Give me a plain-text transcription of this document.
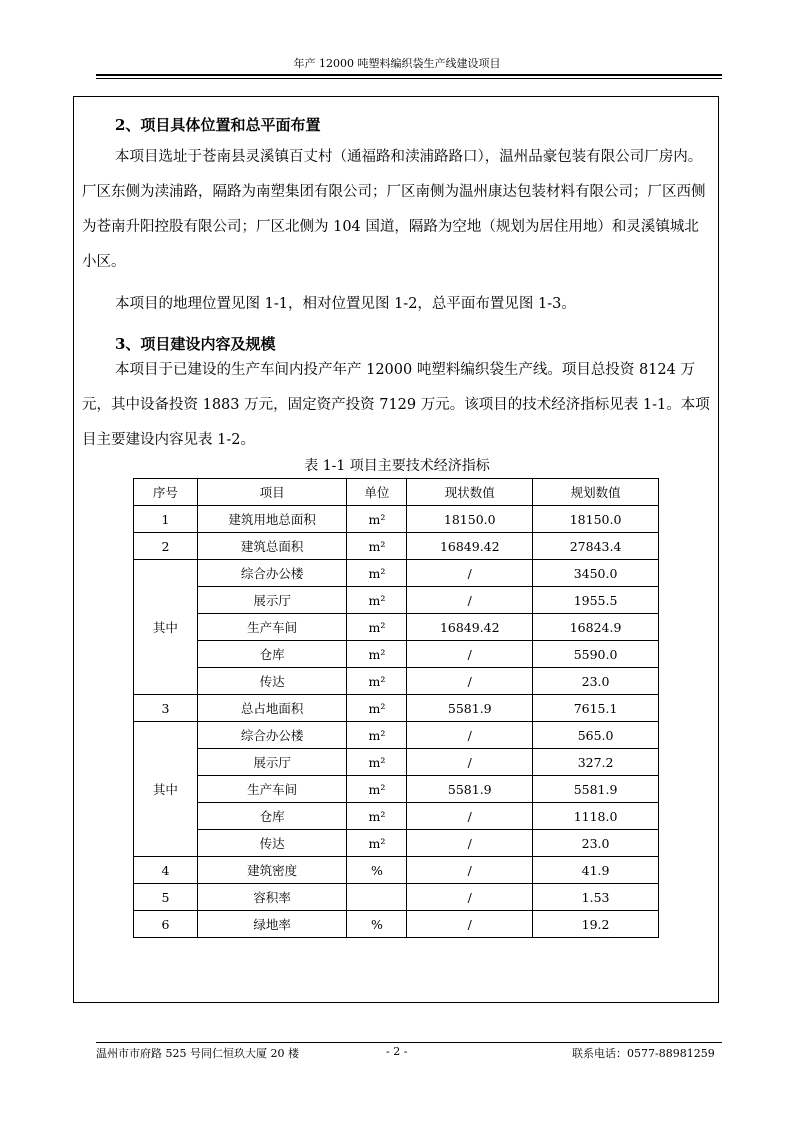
年产 12000 吨塑料编织袋生产线建设项目
2、项目具体位置和总平面布置
本项目选址于苍南县灵溪镇百丈村（通福路和渎浦路路口），温州品豪包装有限公司厂房内。厂区东侧为渎浦路，隔路为南塑集团有限公司；厂区南侧为温州康达包装材料有限公司；厂区西侧为苍南升阳控股有限公司；厂区北侧为 104 国道，隔路为空地（规划为居住用地）和灵溪镇城北小区。
本项目的地理位置见图 1-1，相对位置见图 1-2，总平面布置见图 1-3。
3、项目建设内容及规模
本项目于已建设的生产车间内投产年产 12000 吨塑料编织袋生产线。项目总投资 8124 万元，其中设备投资 1883 万元，固定资产投资 7129 万元。该项目的技术经济指标见表 1-1。本项目主要建设内容见表 1-2。
表 1-1 项目主要技术经济指标
序号	项目	单位	现状数值	规划数值
1	建筑用地总面积	m²	18150.0	18150.0
2	建筑总面积	m²	16849.42	27843.4
其中	综合办公楼	m²	/	3450.0
	展示厅	m²	/	1955.5
	生产车间	m²	16849.42	16824.9
	仓库	m²	/	5590.0
	传达	m²	/	23.0
3	总占地面积	m²	5581.9	7615.1
其中	综合办公楼	m²	/	565.0
	展示厅	m²	/	327.2
	生产车间	m²	5581.9	5581.9
	仓库	m²	/	1118.0
	传达	m²	/	23.0
4	建筑密度	%	/	41.9
5	容积率		/	1.53
6	绿地率	%	/	19.2
温州市市府路 525 号同仁恒玖大厦 20 楼	- 2 -	联系电话：0577-88981259
